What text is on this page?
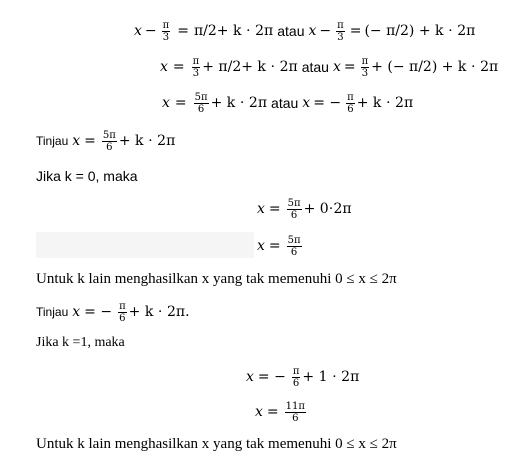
$x - \frac{\pi}{3} = \pi/2+ k \cdot 2\pi$ atau $x - \frac{\pi}{3}$ = (− π/2) + k ⋅ 2π
$x = \frac{\pi}{3} + \pi/2+ k \cdot 2\pi$ atau $x = \frac{\pi}{3}$ + (− π/2) + k ⋅ 2π
$x = \frac{5\pi}{6} + k \cdot 2\pi$ atau x = − $\frac{\pi}{6} + k \cdot 2\pi$
Tinjau $x = \frac{5\pi}{6} + k \cdot 2\pi$
Jika k = 0, maka
$x = \frac{5\pi}{6} + 0\cdot 2\pi$
$x = \frac{5\pi}{6}$
Untuk k lain menghasilkan x yang tak memenuhi 0 ≤ x ≤ 2π
Tinjau x = − $\frac{\pi}{6} + k \cdot 2\pi$.
Jika k =1, maka
x = − $\frac{\pi}{6} + 1 \cdot 2\pi$
$x = \frac{11\pi}{6}$
Untuk k lain menghasilkan x yang tak memenuhi 0 ≤ x ≤ 2π
